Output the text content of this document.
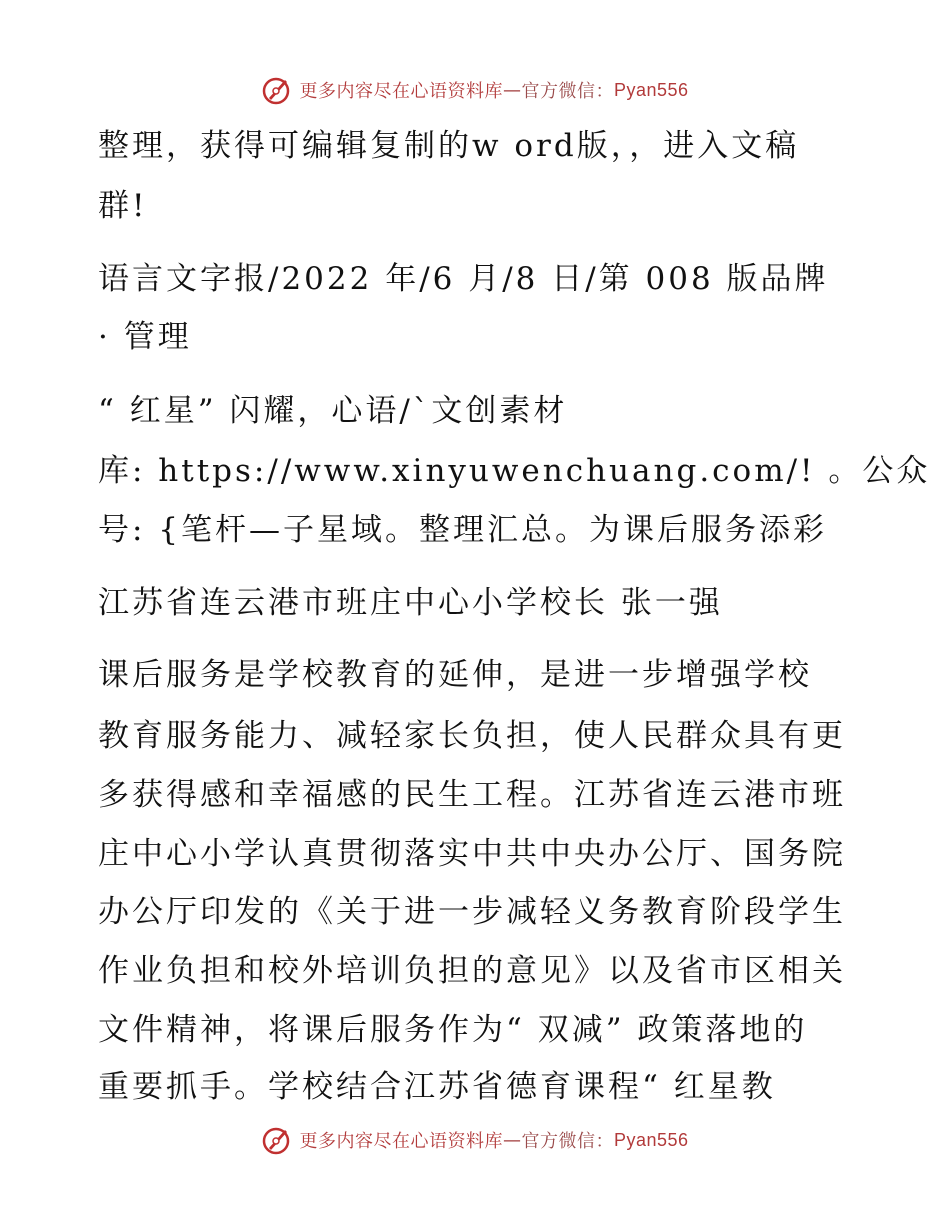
更多内容尽在心语资料库 — 官方微信： Pyan556
整理，获得可编辑复制的w ord版，，进入文稿
群!
语言文字报/2022 年/6 月/8 日/第 008 版品牌
· 管理
“ 红星” 闪耀，心语/`文创素材
库: https://www.xinyuwenchuang.com/! 。公众
号: {笔杆—子星域。整理汇总。为课后服务添彩
江苏省连云港市班庄中心小学校长 张一强
课后服务是学校教育的延伸，是进一步增强学校
教育服务能力、减轻家长负担，使人民群众具有更
多获得感和幸福感的民生工程。江苏省连云港市班
庄中心小学认真贯彻落实中共中央办公厅、国务院
办公厅印发的《关于进一步减轻义务教育阶段学生
作业负担和校外培训负担的意见》以及省市区相关
文件精神，将课后服务作为“ 双减” 政策落地的
重要抓手。学校结合江苏省德育课程“ 红星教
更多内容尽在心语资料库 — 官方微信： Pyan556
